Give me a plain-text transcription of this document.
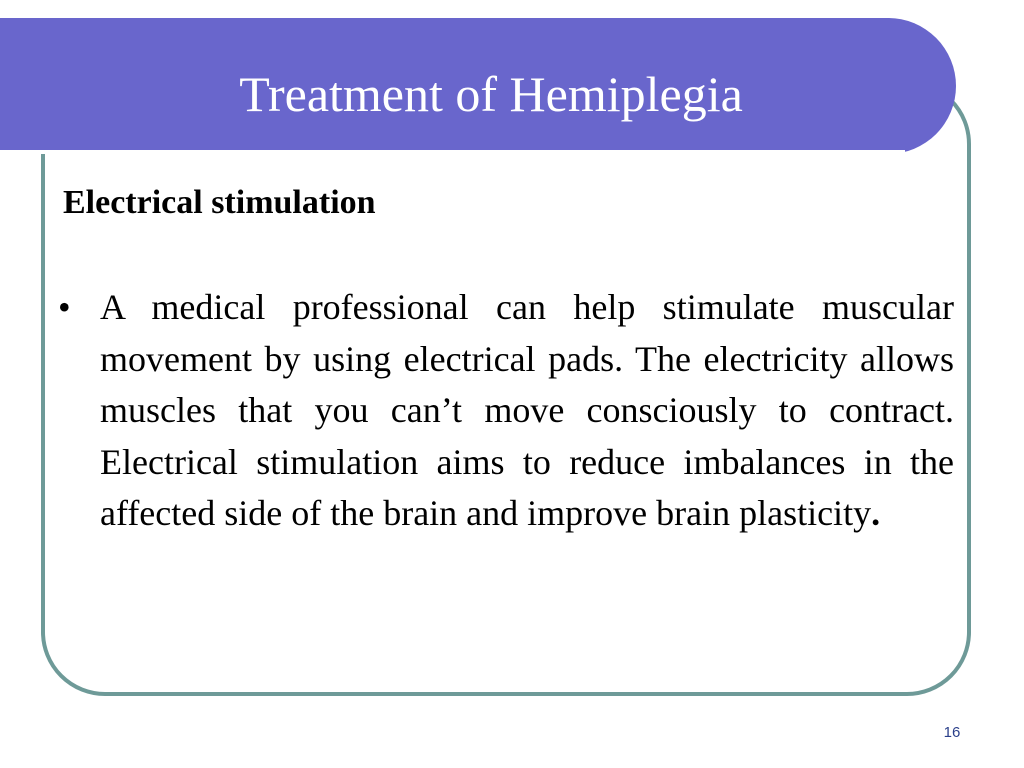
Treatment of Hemiplegia
Electrical stimulation
• A medical professional can help stimulate muscular movement by using electrical pads. The electricity allows muscles that you can’t move consciously to contract. Electrical stimulation aims to reduce imbalances in the affected side of the brain and improve brain plasticity.
16
